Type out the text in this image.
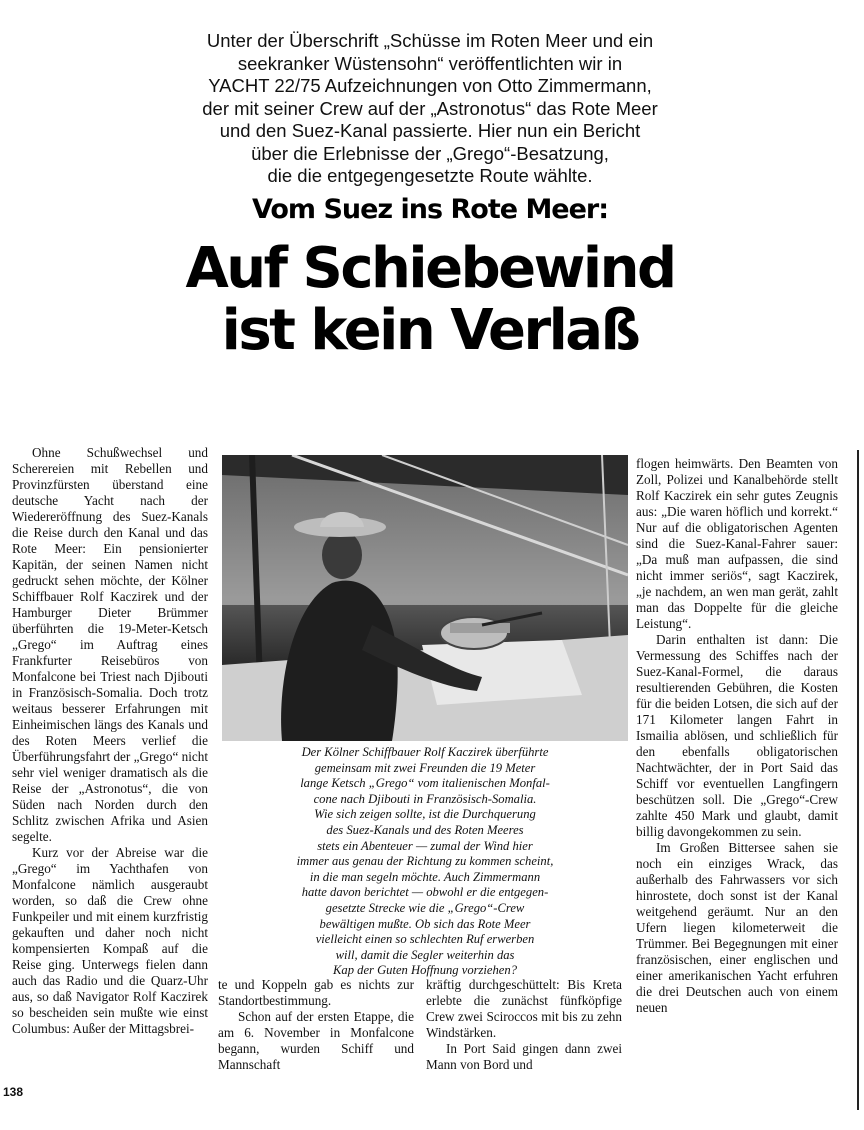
Unter der Überschrift „Schüsse im Roten Meer und ein
seekranker Wüstensohn“ veröffentlichten wir in
YACHT 22/75 Aufzeichnungen von Otto Zimmermann,
der mit seiner Crew auf der „Astronotus“ das Rote Meer
und den Suez-Kanal passierte. Hier nun ein Bericht
über die Erlebnisse der „Grego“-Besatzung,
die die entgegengesetzte Route wählte.
Vom Suez ins Rote Meer:
Auf Schiebewind
ist kein Verlaß

Ohne Schußwechsel und Scherereien mit Rebellen und Provinzfürsten überstand eine deutsche Yacht nach der Wiedereröffnung des Suez-Kanals die Reise durch den Kanal und das Rote Meer: Ein pensionierter Kapitän, der seinen Namen nicht gedruckt sehen möchte, der Kölner Schiffbauer Rolf Kaczirek und der Hamburger Dieter Brümmer überführten die 19-Meter-Ketsch „Grego“ im Auftrag eines Frankfurter Reisebüros von Monfalcone bei Triest nach Djibouti in Französisch-Somalia. Doch trotz weitaus besserer Erfahrungen mit Einheimischen längs des Kanals und des Roten Meers verlief die Überführungsfahrt der „Grego“ nicht sehr viel weniger dramatisch als die Reise der „Astronotus“, die von Süden nach Norden durch den Schlitz zwischen Afrika und Asien segelte.

Kurz vor der Abreise war die „Grego“ im Yachthafen von Monfalcone nämlich ausgeraubt worden, so daß die Crew ohne Funkpeiler und mit einem kurzfristig gekauften und daher noch nicht kompensierten Kompaß auf die Reise ging. Unterwegs fielen dann auch das Radio und die Quarz-Uhr aus, so daß Navigator Rolf Kaczirek so bescheiden sein mußte wie einst Columbus: Außer der Mittagsbrei-

Der Kölner Schiffbauer Rolf Kaczirek überführte
gemeinsam mit zwei Freunden die 19 Meter
lange Ketsch „Grego“ vom italienischen Monfal-
cone nach Djibouti in Französisch-Somalia.
Wie sich zeigen sollte, ist die Durchquerung
des Suez-Kanals und des Roten Meeres
stets ein Abenteuer — zumal der Wind hier
immer aus genau der Richtung zu kommen scheint,
in die man segeln möchte. Auch Zimmermann
hatte davon berichtet — obwohl er die entgegen-
gesetzte Strecke wie die „Grego“-Crew
bewältigen mußte. Ob sich das Rote Meer
vielleicht einen so schlechten Ruf erwerben
will, damit die Segler weiterhin das
Kap der Guten Hoffnung vorziehen?

te und Koppeln gab es nichts zur Standortbestimmung.

Schon auf der ersten Etappe, die am 6. November in Monfalcone begann, wurden Schiff und Mannschaft

kräftig durchgeschüttelt: Bis Kreta erlebte die zunächst fünfköpfige Crew zwei Sciroccos mit bis zu zehn Windstärken.

In Port Said gingen dann zwei Mann von Bord und

flogen heimwärts. Den Beamten von Zoll, Polizei und Kanalbehörde stellt Rolf Kaczirek ein sehr gutes Zeugnis aus: „Die waren höflich und korrekt.“ Nur auf die obligatorischen Agenten sind die Suez-Kanal-Fahrer sauer: „Da muß man aufpassen, die sind nicht immer seriös“, sagt Kaczirek, „je nachdem, an wen man gerät, zahlt man das Doppelte für die gleiche Leistung“.

Darin enthalten ist dann: Die Vermessung des Schiffes nach der Suez-Kanal-Formel, die daraus resultierenden Gebühren, die Kosten für die beiden Lotsen, die sich auf der 171 Kilometer langen Fahrt in Ismailia ablösen, und schließlich für den ebenfalls obligatorischen Nachtwächter, der in Port Said das Schiff vor eventuellen Langfingern beschützen soll. Die „Grego“-Crew zahlte 450 Mark und glaubt, damit billig davongekommen zu sein.

Im Großen Bittersee sahen sie noch ein einziges Wrack, das außerhalb des Fahrwassers vor sich hinrostete, doch sonst ist der Kanal weitgehend geräumt. Nur an den Ufern liegen kilometerweit die Trümmer. Bei Begegnungen mit einer französischen, einer englischen und einer amerikanischen Yacht erfuhren die drei Deutschen auch von einem neuen

138
